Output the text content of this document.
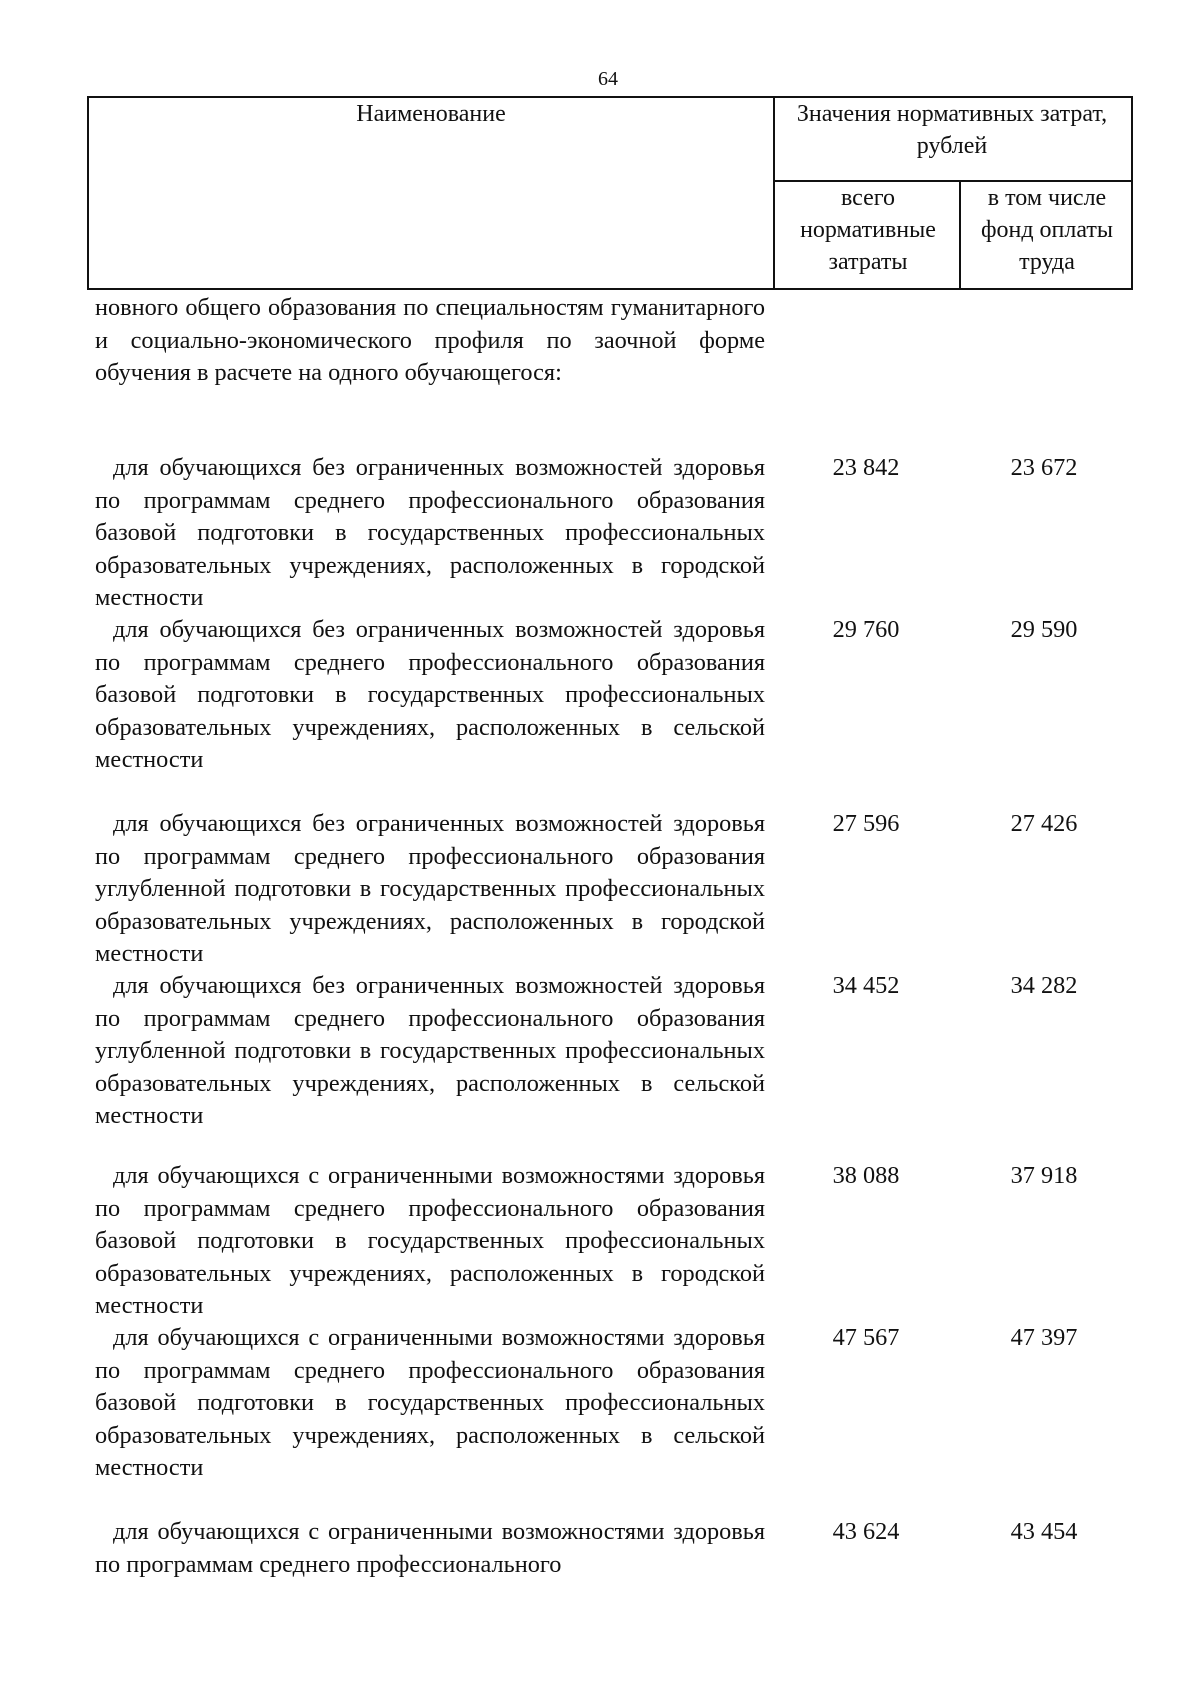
64
Наименование	Значения нормативных затрат, рублей
всего нормативные затраты
в том числе фонд оплаты труда
новного общего образования по специальностям гуманитарного и социально-экономического профиля по заочной форме обучения в расчете на одного обучающегося:
для обучающихся без ограниченных возможностей здоровья по программам среднего профессионального образования базовой подготовки в государственных профессиональных образовательных учреждениях, расположенных в городской местности
23 842	23 672
для обучающихся без ограниченных возможностей здоровья по программам среднего профессионального образования базовой подготовки в государственных профессиональных образовательных учреждениях, расположенных в сельской местности
29 760	29 590
для обучающихся без ограниченных возможностей здоровья по программам среднего профессионального образования углубленной подготовки в государственных профессиональных образовательных учреждениях, расположенных в городской местности
27 596	27 426
для обучающихся без ограниченных возможностей здоровья по программам среднего профессионального образования углубленной подготовки в государственных профессиональных образовательных учреждениях, расположенных в сельской местности
34 452	34 282
для обучающихся с ограниченными возможностями здоровья по программам среднего профессионального образования базовой подготовки в государственных профессиональных образовательных учреждениях, расположенных в городской местности
38 088	37 918
для обучающихся с ограниченными возможностями здоровья по программам среднего профессионального образования базовой подготовки в государственных профессиональных образовательных учреждениях, расположенных в сельской местности
47 567	47 397
для обучающихся с ограниченными возможностями здоровья по программам среднего профессионального
43 624	43 454
